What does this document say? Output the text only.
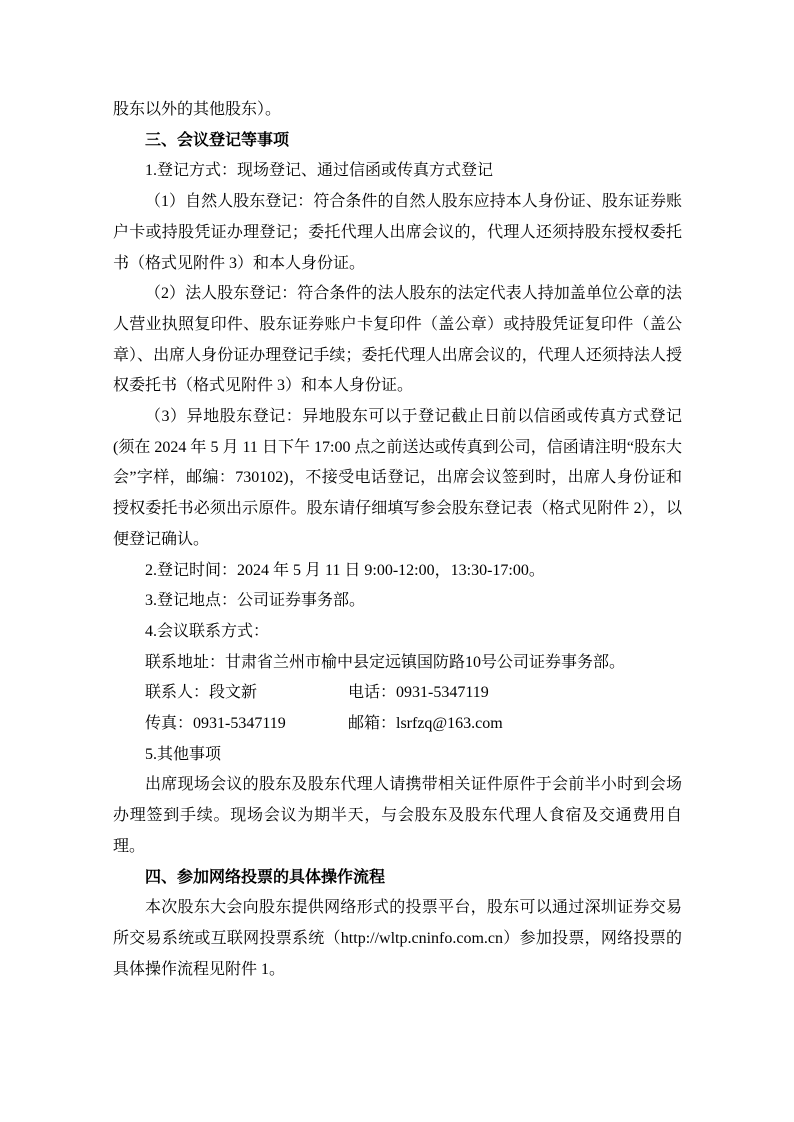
股东以外的其他股东）。

三、会议登记等事项

1.登记方式：现场登记、通过信函或传真方式登记

（1）自然人股东登记：符合条件的自然人股东应持本人身份证、股东证券账户卡或持股凭证办理登记；委托代理人出席会议的，代理人还须持股东授权委托书（格式见附件 3）和本人身份证。

（2）法人股东登记：符合条件的法人股东的法定代表人持加盖单位公章的法人营业执照复印件、股东证券账户卡复印件（盖公章）或持股凭证复印件（盖公章）、出席人身份证办理登记手续；委托代理人出席会议的，代理人还须持法人授权委托书（格式见附件 3）和本人身份证。

（3）异地股东登记：异地股东可以于登记截止日前以信函或传真方式登记(须在 2024 年 5 月 11 日下午 17:00 点之前送达或传真到公司，信函请注明“股东大会”字样，邮编：730102)，不接受电话登记，出席会议签到时，出席人身份证和授权委托书必须出示原件。股东请仔细填写参会股东登记表（格式见附件 2），以便登记确认。

2.登记时间：2024 年 5 月 11 日 9:00-12:00，13:30-17:00。

3.登记地点：公司证券事务部。

4.会议联系方式：

联系地址：甘肃省兰州市榆中县定远镇国防路10号公司证券事务部。

联系人：段文新	电话：0931-5347119

传真：0931-5347119	邮箱：lsrfzq@163.com

5.其他事项

出席现场会议的股东及股东代理人请携带相关证件原件于会前半小时到会场办理签到手续。现场会议为期半天，与会股东及股东代理人食宿及交通费用自理。

四、参加网络投票的具体操作流程

本次股东大会向股东提供网络形式的投票平台，股东可以通过深圳证券交易所交易系统或互联网投票系统（http://wltp.cninfo.com.cn）参加投票，网络投票的具体操作流程见附件 1。
